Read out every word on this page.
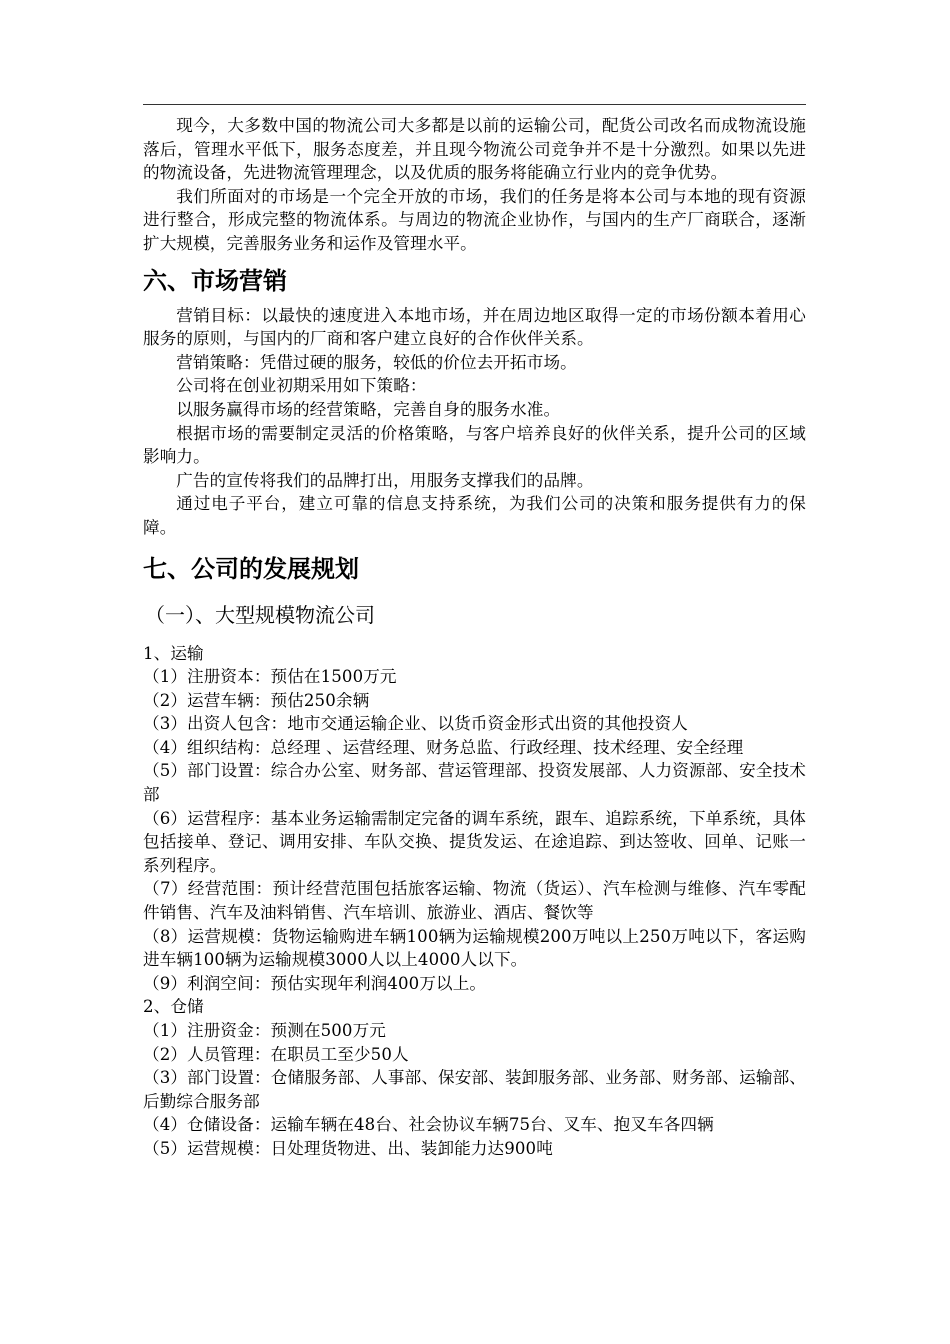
现今，大多数中国的物流公司大多都是以前的运输公司，配货公司改名而成物流设施落后，管理水平低下，服务态度差，并且现今物流公司竞争并不是十分激烈。如果以先进的物流设备，先进物流管理理念，以及优质的服务将能确立行业内的竞争优势。

我们所面对的市场是一个完全开放的市场，我们的任务是将本公司与本地的现有资源进行整合，形成完整的物流体系。与周边的物流企业协作，与国内的生产厂商联合，逐渐扩大规模，完善服务业务和运作及管理水平。

六、市场营销

营销目标：以最快的速度进入本地市场，并在周边地区取得一定的市场份额本着用心服务的原则，与国内的厂商和客户建立良好的合作伙伴关系。

营销策略：凭借过硬的服务，较低的价位去开拓市场。

公司将在创业初期采用如下策略：

以服务赢得市场的经营策略，完善自身的服务水准。

根据市场的需要制定灵活的价格策略，与客户培养良好的伙伴关系，提升公司的区域影响力。

广告的宣传将我们的品牌打出，用服务支撑我们的品牌。

通过电子平台，建立可靠的信息支持系统，为我们公司的决策和服务提供有力的保障。

七、公司的发展规划
（一）、大型规模物流公司

1、运输

（1）注册资本：预估在1500万元

（2）运营车辆：预估250余辆

（3）出资人包含：地市交通运输企业、以货币资金形式出资的其他投资人

（4）组织结构：总经理 、运营经理、财务总监、行政经理、技术经理、安全经理

（5）部门设置：综合办公室、财务部、营运管理部、投资发展部、人力资源部、安全技术部

（6）运营程序：基本业务运输需制定完备的调车系统，跟车、追踪系统，下单系统，具体包括接单、登记、调用安排、车队交换、提货发运、在途追踪、到达签收、回单、记账一系列程序。

（7）经营范围：预计经营范围包括旅客运输、物流（货运）、汽车检测与维修、汽车零配件销售、汽车及油料销售、汽车培训、旅游业、酒店、餐饮等

（8）运营规模：货物运输购进车辆100辆为运输规模200万吨以上250万吨以下，客运购进车辆100辆为运输规模3000人以上4000人以下。

（9）利润空间：预估实现年利润400万以上。

2、仓储

（1）注册资金：预测在500万元

（2）人员管理：在职员工至少50人

（3）部门设置：仓储服务部、人事部、保安部、装卸服务部、业务部、财务部、运输部、后勤综合服务部

（4）仓储设备：运输车辆在48台、社会协议车辆75台、叉车、抱叉车各四辆

（5）运营规模：日处理货物进、出、装卸能力达900吨
